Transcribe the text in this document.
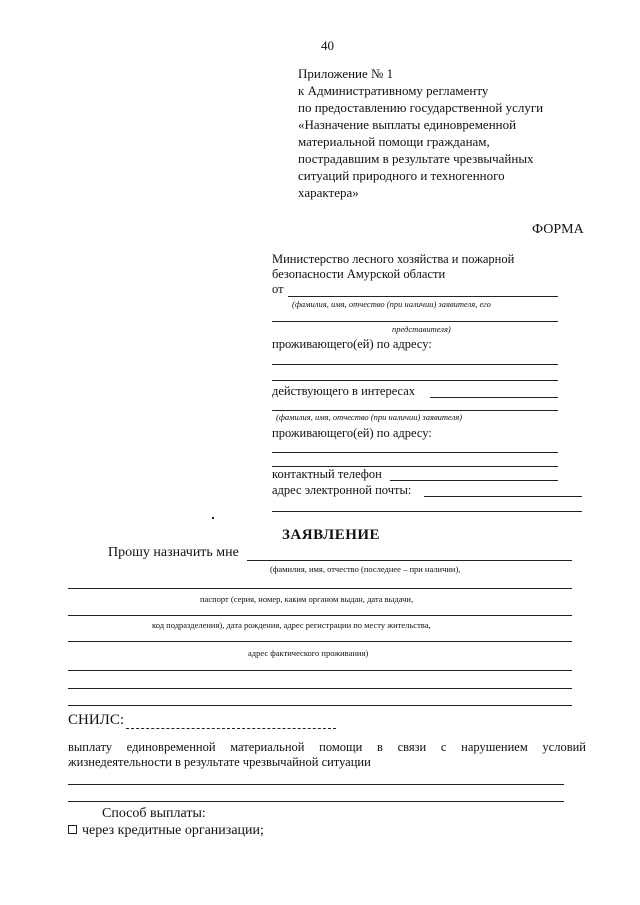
40
Приложение № 1
к Административному регламенту
по предоставлению государственной услуги
«Назначение выплаты единовременной
материальной помощи гражданам,
пострадавшим в результате чрезвычайных
ситуаций природного и техногенного
характера»
ФОРМА
Министерство лесного хозяйства и пожарной
безопасности Амурской области
от
(фамилия, имя, отчество (при наличии) заявителя, его
представителя)
проживающего(ей) по адресу:
действующего в интересах
(фамилия, имя, отчество (при наличии) заявителя)
проживающего(ей) по адресу:
контактный телефон
адрес электронной почты:
ЗАЯВЛЕНИЕ
Прошу назначить мне
(фамилия, имя, отчество (последнее – при наличии),
паспорт (серия, номер, каким органом выдан, дата выдачи,
код подразделения), дата рождения, адрес регистрации по месту жительства,
адрес фактического проживания)
СНИЛС:
выплату единовременной материальной помощи в связи с нарушением условий
жизнедеятельности в результате чрезвычайной ситуации
Способ выплаты:
через кредитные организации;
